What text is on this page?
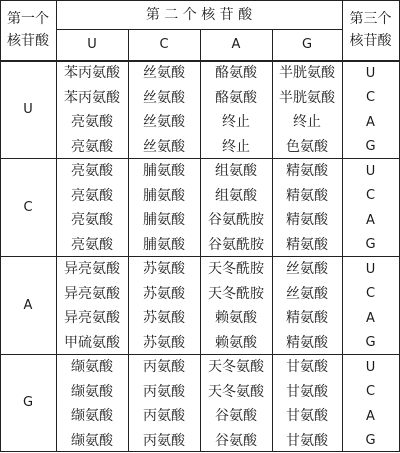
第一个
核苷酸
第 二 个 核 苷 酸	第三个
核苷酸
U	C	A	G
U
苯丙氨酸	丝氨酸	酪氨酸	半胱氨酸	U
苯丙氨酸	丝氨酸	酪氨酸	半胱氨酸	C
亮氨酸	丝氨酸	终止	终止	A
亮氨酸	丝氨酸	终止	色氨酸	G
C
亮氨酸	脯氨酸	组氨酸	精氨酸	U
亮氨酸	脯氨酸	组氨酸	精氨酸	C
亮氨酸	脯氨酸	谷氨酰胺	精氨酸	A
亮氨酸	脯氨酸	谷氨酰胺	精氨酸	G
A
异亮氨酸	苏氨酸	天冬酰胺	丝氨酸	U
异亮氨酸	苏氨酸	天冬酰胺	丝氨酸	C
异亮氨酸	苏氨酸	赖氨酸	精氨酸	A
甲硫氨酸	苏氨酸	赖氨酸	精氨酸	G
G
缬氨酸	丙氨酸	天冬氨酸	甘氨酸	U
缬氨酸	丙氨酸	天冬氨酸	甘氨酸	C
缬氨酸	丙氨酸	谷氨酸	甘氨酸	A
缬氨酸	丙氨酸	谷氨酸	甘氨酸	G
